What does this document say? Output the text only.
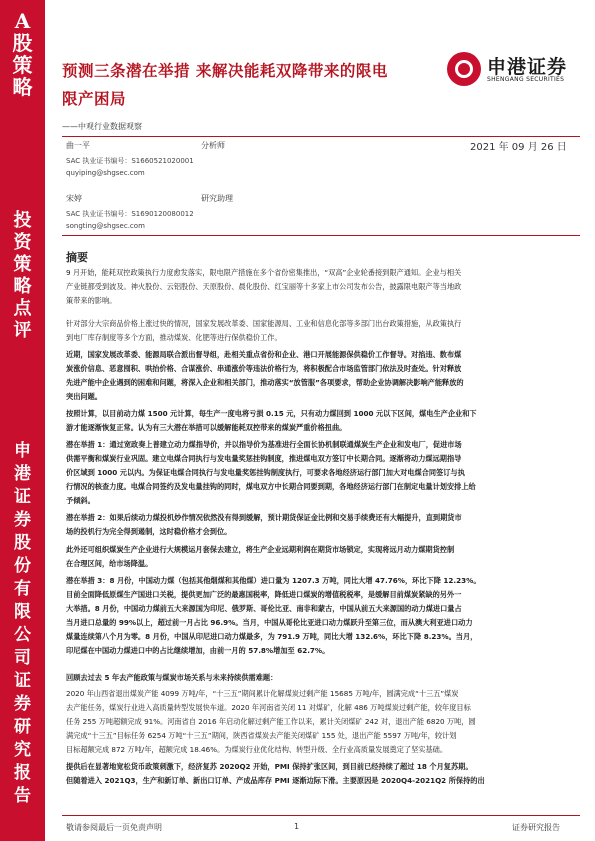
A
股
策
略
投
资
策
略
点
评
申
港
证
券
股
份
有
限
公
司
证
券
研
究
报
告
预测三条潜在举措 来解决能耗双降带来的限电
限产困局
——中观行业数据观察
申港证券
SHENGANG SECURITIES
曲一平	分析师	2021 年 09 月 26 日
SAC 执业证书编号：S1660521020001
quyiping@shgsec.com
宋婷	研究助理
SAC 执业证书编号：S1690120080012
songting@shgsec.com
摘要
9 月开始，能耗双控政策执行力度愈发落实，限电限产措施在多个省份密集推出，“双高”企业轮番接到限产通知。企业与相关
产业链都受到波及。神火股份、云铝股份、天原股份、晨化股份、红宝丽等十多家上市公司发布公告，披露限电限产等当地政
策带来的影响。
针对部分大宗商品价格上涨过快的情况，国家发展改革委、国家能源局、工业和信息化部等多部门出台政策措施，从政策执行
到电厂库存制度等多个方面，推动煤炭、化肥等进行保供稳价工作。
近期，国家发展改革委、能源局联合派出督导组，赴相关重点省份和企业、港口开展能源保供稳价工作督导。对掐违、数布煤
炭涨价信息、恶意囤积、哄抬价格、合谋涨价、串通涨价等违法价格行为，将积极配合市场监管部门依法及时查处。针对释放
先进产能中企业遇到的困难和问题，将深入企业和相关部门，推动落实“放管服”各项要求，帮助企业协调解决影响产能释放的
突出问题。
按照计算，以目前动力煤 1500 元计算，每生产一度电将亏损 0.15 元，只有动力煤回到 1000 元以下区间，煤电生产企业和下
游才能逐渐恢复正常。认为有三大潜在举措可以缓解能耗双控带来的煤炭严重价格扭曲。
潜在举措 1：通过宽政奏上普建立动力煤指导价，并以指导价为基准进行全面长协机制联通煤炭生产企业和发电厂，促进市场
供需平衡和煤炭行业巩固。建立电煤合同执行与发电量奖惩挂钩制度，推进煤电双方签订中长期合同。逐渐将动力煤远期指导
价区域到 1000 元以内。为保证电煤合同执行与发电量奖惩挂钩制度执行，可要求各地经济运行部门加大对电煤合同签订与执
行情况的核查力度。电煤合同签约及发电量挂钩的同时，煤电双方中长期合同要到期，各地经济运行部门在制定电量计划安排上给
予倾斜。
潜在举措 2：如果后续动力煤投机炒作情况依然没有得到缓解，预计期货保证金比例和交易手续费还有大幅提升，直到期货市
场的投机行为完全得到遏制，这时稳价格才会到位。
此外还可组织煤炭生产企业进行大规模运月套保去建立，将生产企业远期利润在期货市场锁定，实现将远月动力煤期货控制
在合理区间，给市场降温。
潜在举措 3：8 月份，中国动力煤（包括其他烟煤和其他煤）进口量为 1207.3 万吨，同比大增 47.76%，环比下降 12.23%。
目前全面降低原煤生产国进口关税，提供更加广泛的最惠国税率，降低进口煤炭的增值税税率，是缓解目前煤炭紧缺的另外一
大举措。8 月份，中国动力煤前五大来源国为印尼、俄罗斯、哥伦比亚、南非和蒙古，中国从前五大来源国的动力煤进口量占
当月进口总量的 99%以上，超过前一月占比 96.9%。当月，中国从哥伦比亚进口动力煤跃升至第三位，而从澳大利亚进口动力
煤量连续第八个月为零。8 月份，中国从印尼进口动力煤最多，为 791.9 万吨，同比大增 132.6%，环比下降 8.23%。当月，
印尼煤在中国动力煤进口中的占比继续增加，由前一月的 57.8%增加至 62.7%。
回顾去过去 5 年去产能政策与煤炭市场关系与未来持续供需难题：
2020 年山西省退出煤炭产能 4099 万吨/年，“十三五”期间累计化解煤炭过剩产能 15685 万吨/年，圆满完成“十三五”煤炭
去产能任务，煤炭行业进入高质量转型发展快车道。2020 年河南省关闭 11 对煤矿，化解 486 万吨煤炭过剩产能，较年度目标
任务 255 万吨超额完成 91%。河南省自 2016 年启动化解过剩产能工作以来，累计关闭煤矿 242 对，退出产能 6820 万吨，圆
满完成“十三五”目标任务 6254 万吨“十三五”期间，陕西省煤炭去产能关闭煤矿 155 处，退出产能 5597 万吨/年，较计划
目标超额完成 872 万吨/年，超额完成 18.46%。为煤炭行业优化结构、转型升级、全行业高质量发展奠定了坚实基础。
提供后在显著地宽松货币政策刺激下，经济复苏 2020Q2 开始，PMI 保持扩张区间，到目前已经持续了超过 18 个月复苏期。
但随着进入 2021Q3，生产和新订单、新出口订单、产成品库存 PMI 逐渐边际下滑。主要原因是 2020Q4-2021Q2 所保持的出
敬请参阅最后一页免责声明	1	证券研究报告
